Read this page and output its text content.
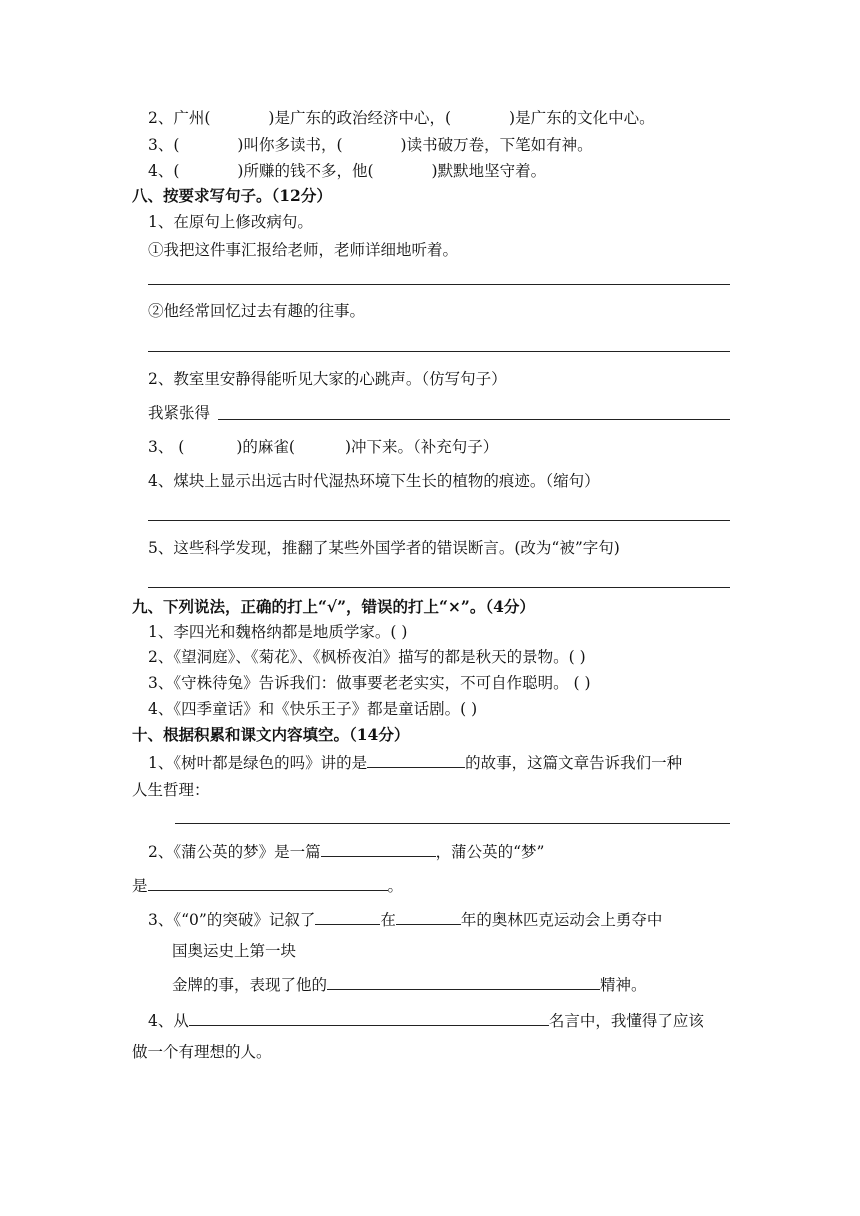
2、广州(	)是广东的政治经济中心，(	)是广东的文化中心。
3、(	)叫你多读书，(	)读书破万卷，下笔如有神。
4、(	)所赚的钱不多，他(	)默默地坚守着。
八、按要求写句子。（12分）
1、在原句上修改病句。
①我把这件事汇报给老师，老师详细地听着。
②他经常回忆过去有趣的往事。
2、教室里安静得能听见大家的心跳声。（仿写句子）
我紧张得
3、 (	)的麻雀(	)冲下来。（补充句子）
4、煤块上显示出远古时代湿热环境下生长的植物的痕迹。（缩句）
5、这些科学发现，推翻了某些外国学者的错误断言。(改为“被”字句)
九、下列说法，正确的打上“√”，错误的打上“×”。（4分）
1、李四光和魏格纳都是地质学家。( )
2、《望洞庭》、《菊花》、《枫桥夜泊》描写的都是秋天的景物。( )
3、《守株待兔》告诉我们：做事要老老实实，不可自作聪明。 ( )
4、《四季童话》和《快乐王子》都是童话剧。( )
十、根据积累和课文内容填空。（14分）
1、《树叶都是绿色的吗》讲的是	的故事，这篇文章告诉我们一种
人生哲理：
2、《蒲公英的梦》是一篇	，蒲公英的“梦”
是	。
3、《“0”的突破》记叙了	在	年的奥林匹克运动会上勇夺中
国奥运史上第一块
金牌的事，表现了他的	精神。
4、从	名言中，我懂得了应该
做一个有理想的人。
